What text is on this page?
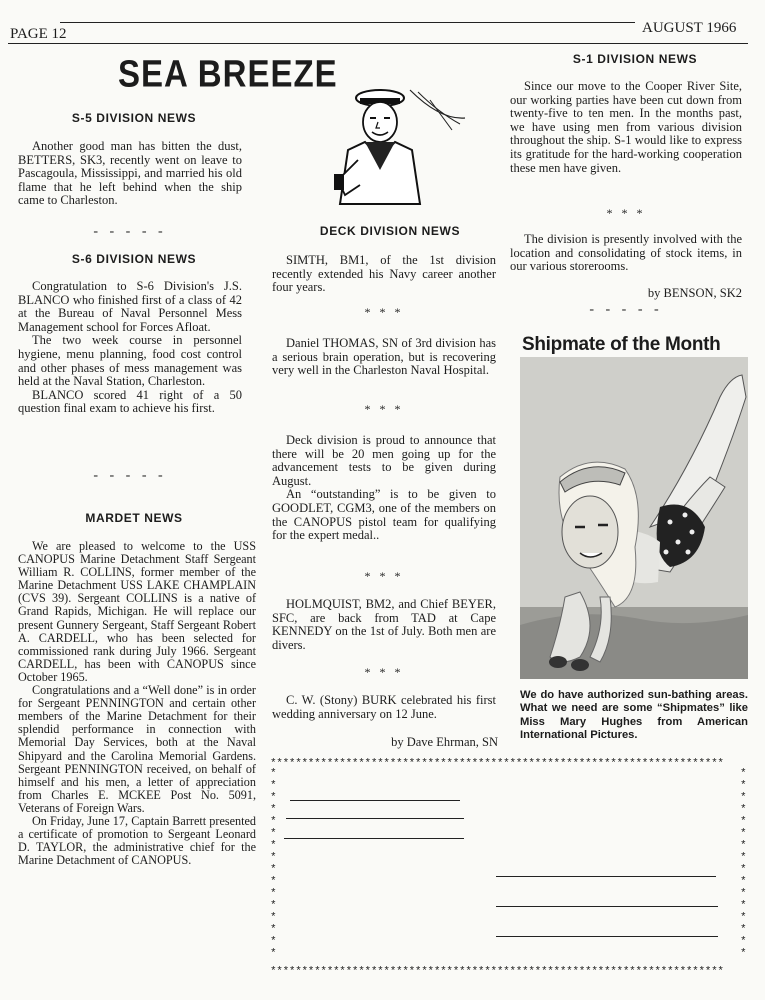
PAGE 12	AUGUST 1966
SEA BREEZE
S-5 DIVISION NEWS
Another good man has bitten the dust, BETTERS, SK3, recently went on leave to Pascagoula, Mississippi, and married his old flame that he left behind when the ship came to Charleston.
- - - - -
S-6 DIVISION NEWS

Congratulation to S-6 Division's J.S. BLANCO who finished first of a class of 42 at the Bureau of Naval Personnel Mess Management school for Forces Afloat.

The two week course in personnel hygiene, menu planning, food cost control and other phases of mess management was held at the Naval Station, Charleston.

BLANCO scored 41 right of a 50 question final exam to achieve his first.

- - - - -
MARDET NEWS

We are pleased to welcome to the USS CANOPUS Marine Detachment Staff Sergeant William R. COLLINS, former member of the Marine Detachment USS LAKE CHAMPLAIN (CVS 39). Sergeant COLLINS is a native of Grand Rapids, Michigan. He will replace our present Gunnery Sergeant, Staff Sergeant Robert A. CARDELL, who has been selected for commissioned rank during July 1966. Sergeant CARDELL, has been with CANOPUS since October 1965.

Congratulations and a “Well done” is in order for Sergeant PENNINGTON and certain other members of the Marine Detachment for their splendid performance in connection with Memorial Day Services, both at the Naval Shipyard and the Carolina Memorial Gardens. Sergeant PENNINGTON received, on behalf of himself and his men, a letter of appreciation from Charles E. MCKEE Post No. 5091, Veterans of Foreign Wars.

On Friday, June 17, Captain Barrett presented a certificate of promotion to Sergeant Leonard D. TAYLOR, the administrative chief for the Marine Detachment of CANOPUS.

DECK DIVISION NEWS
SIMTH, BM1, of the 1st division recently extended his Navy career another four years.
* * *
Daniel THOMAS, SN of 3rd division has a serious brain operation, but is recovering very well in the Charleston Naval Hospital.
* * *

Deck division is proud to announce that there will be 20 men going up for the advancement tests to be given during August.

An “outstanding” is to be given to GOODLET, CGM3, one of the members on the CANOPUS pistol team for qualifying for the expert medal..

* * *
HOLMQUIST, BM2, and Chief BEYER, SFC, are back from TAD at Cape KENNEDY on the 1st of July. Both men are divers.
* * *
C. W. (Stony) BURK celebrated his first wedding anniversary on 12 June.
by Dave Ehrman, SN
S-1 DIVISION NEWS
Since our move to the Cooper River Site, our working parties have been cut down from twenty-five to ten men. In the months past, we have using men from various division throughout the ship. S-1 would like to express its gratitude for the hard-working cooperation these men have given.
* * *
The division is presently involved with the location and consolidating of stock items, in our various storerooms.
by BENSON, SK2
- - - - -
Shipmate of the Month
We do have authorized sun-bathing areas. What we need are some “Shipmates” like Miss Mary Hughes from American International Pictures.
************************************************************************
************************************************************************
*
*
*
*
*
*
*
*
*
*
*
*
*
*
*
*

*
*
*
*
*
*
*
*
*
*
*
*
*
*
*
*
